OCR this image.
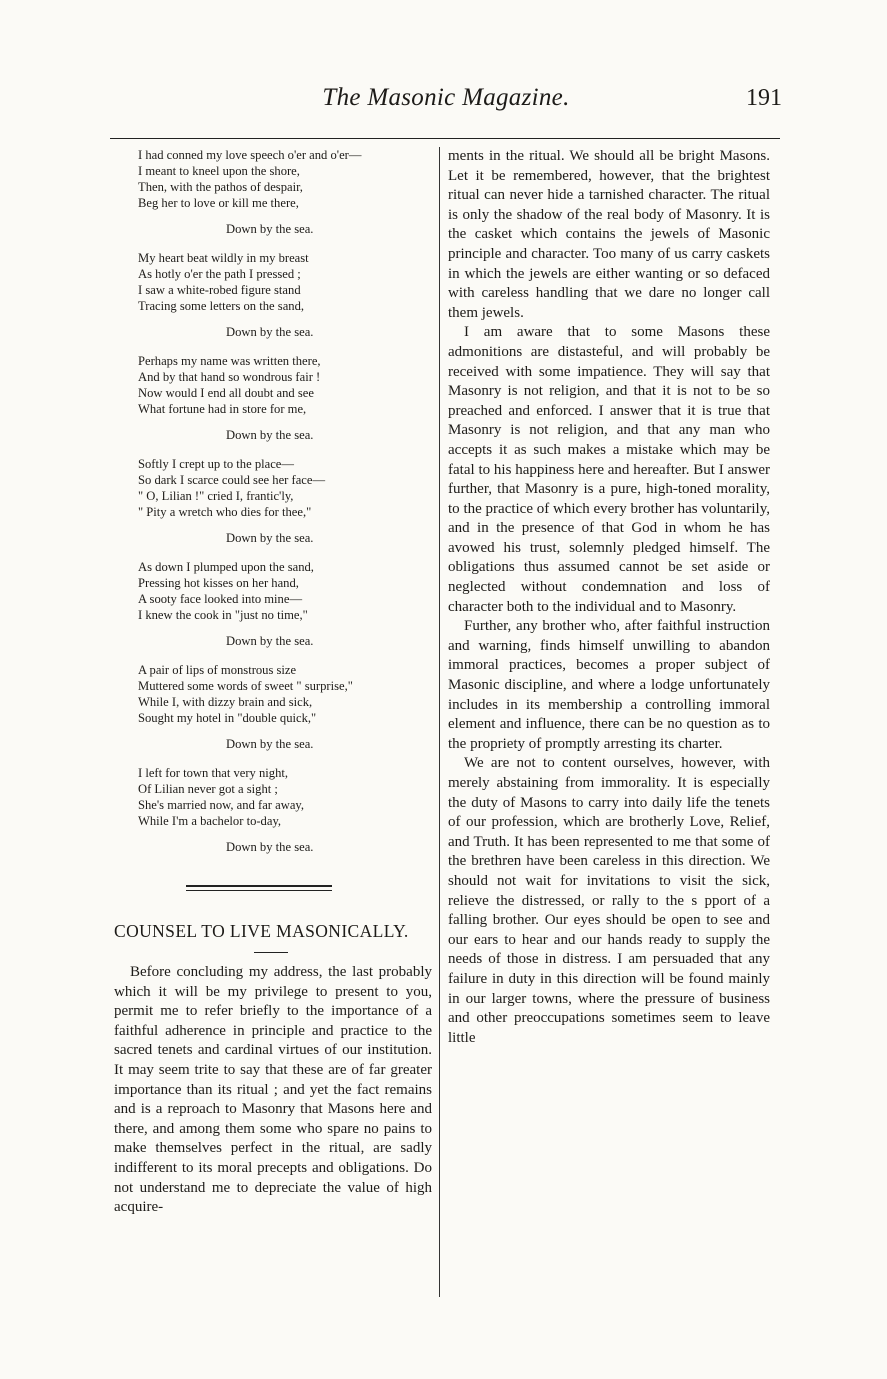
The Masonic Magazine.	191
I had conned my love speech o'er and o'er—
I meant to kneel upon the shore,
Then, with the pathos of despair,
Beg her to love or kill me there,
Down by the sea.
My heart beat wildly in my breast
As hotly o'er the path I pressed ;
I saw a white-robed figure stand
Tracing some letters on the sand,
Down by the sea.
Perhaps my name was written there,
And by that hand so wondrous fair !
Now would I end all doubt and see
What fortune had in store for me,
Down by the sea.
Softly I crept up to the place—
So dark I scarce could see her face—
" O, Lilian !" cried I, frantic'ly,
" Pity a wretch who dies for thee,"
Down by the sea.
As down I plumped upon the sand,
Pressing hot kisses on her hand,
A sooty face looked into mine—
I knew the cook in "just no time,"
Down by the sea.
A pair of lips of monstrous size
Muttered some words of sweet " surprise,"
While I, with dizzy brain and sick,
Sought my hotel in "double quick,"
Down by the sea.
I left for town that very night,
Of Lilian never got a sight ;
She's married now, and far away,
While I'm a bachelor to-day,
Down by the sea.
COUNSEL TO LIVE MASONICALLY.

Before concluding my address, the last probably which it will be my privilege to present to you, permit me to refer briefly to the importance of a faithful adherence in principle and practice to the sacred tenets and cardinal virtues of our institution. It may seem trite to say that these are of far greater importance than its ritual ; and yet the fact remains and is a reproach to Masonry that Masons here and there, and among them some who spare no pains to make themselves perfect in the ritual, are sadly indifferent to its moral precepts and obligations. Do not understand me to depreciate the value of high acquire-

ments in the ritual. We should all be bright Masons. Let it be remembered, however, that the brightest ritual can never hide a tarnished character. The ritual is only the shadow of the real body of Masonry. It is the casket which contains the jewels of Masonic principle and character. Too many of us carry caskets in which the jewels are either wanting or so defaced with careless handling that we dare no longer call them jewels.

I am aware that to some Masons these admonitions are distasteful, and will probably be received with some impatience. They will say that Masonry is not religion, and that it is not to be so preached and enforced. I answer that it is true that Masonry is not religion, and that any man who accepts it as such makes a mistake which may be fatal to his happiness here and hereafter. But I answer further, that Masonry is a pure, high-toned morality, to the practice of which every brother has voluntarily, and in the presence of that God in whom he has avowed his trust, solemnly pledged himself. The obligations thus assumed cannot be set aside or neglected without condemnation and loss of character both to the individual and to Masonry.

Further, any brother who, after faithful instruction and warning, finds himself unwilling to abandon immoral practices, becomes a proper subject of Masonic discipline, and where a lodge unfortunately includes in its membership a controlling immoral element and influence, there can be no question as to the propriety of promptly arresting its charter.

We are not to content ourselves, however, with merely abstaining from immorality. It is especially the duty of Masons to carry into daily life the tenets of our profession, which are brotherly Love, Relief, and Truth. It has been represented to me that some of the brethren have been careless in this direction. We should not wait for invitations to visit the sick, relieve the distressed, or rally to the s pport of a falling brother. Our eyes should be open to see and our ears to hear and our hands ready to supply the needs of those in distress. I am persuaded that any failure in duty in this direction will be found mainly in our larger towns, where the pressure of business and other preoccupations sometimes seem to leave little
